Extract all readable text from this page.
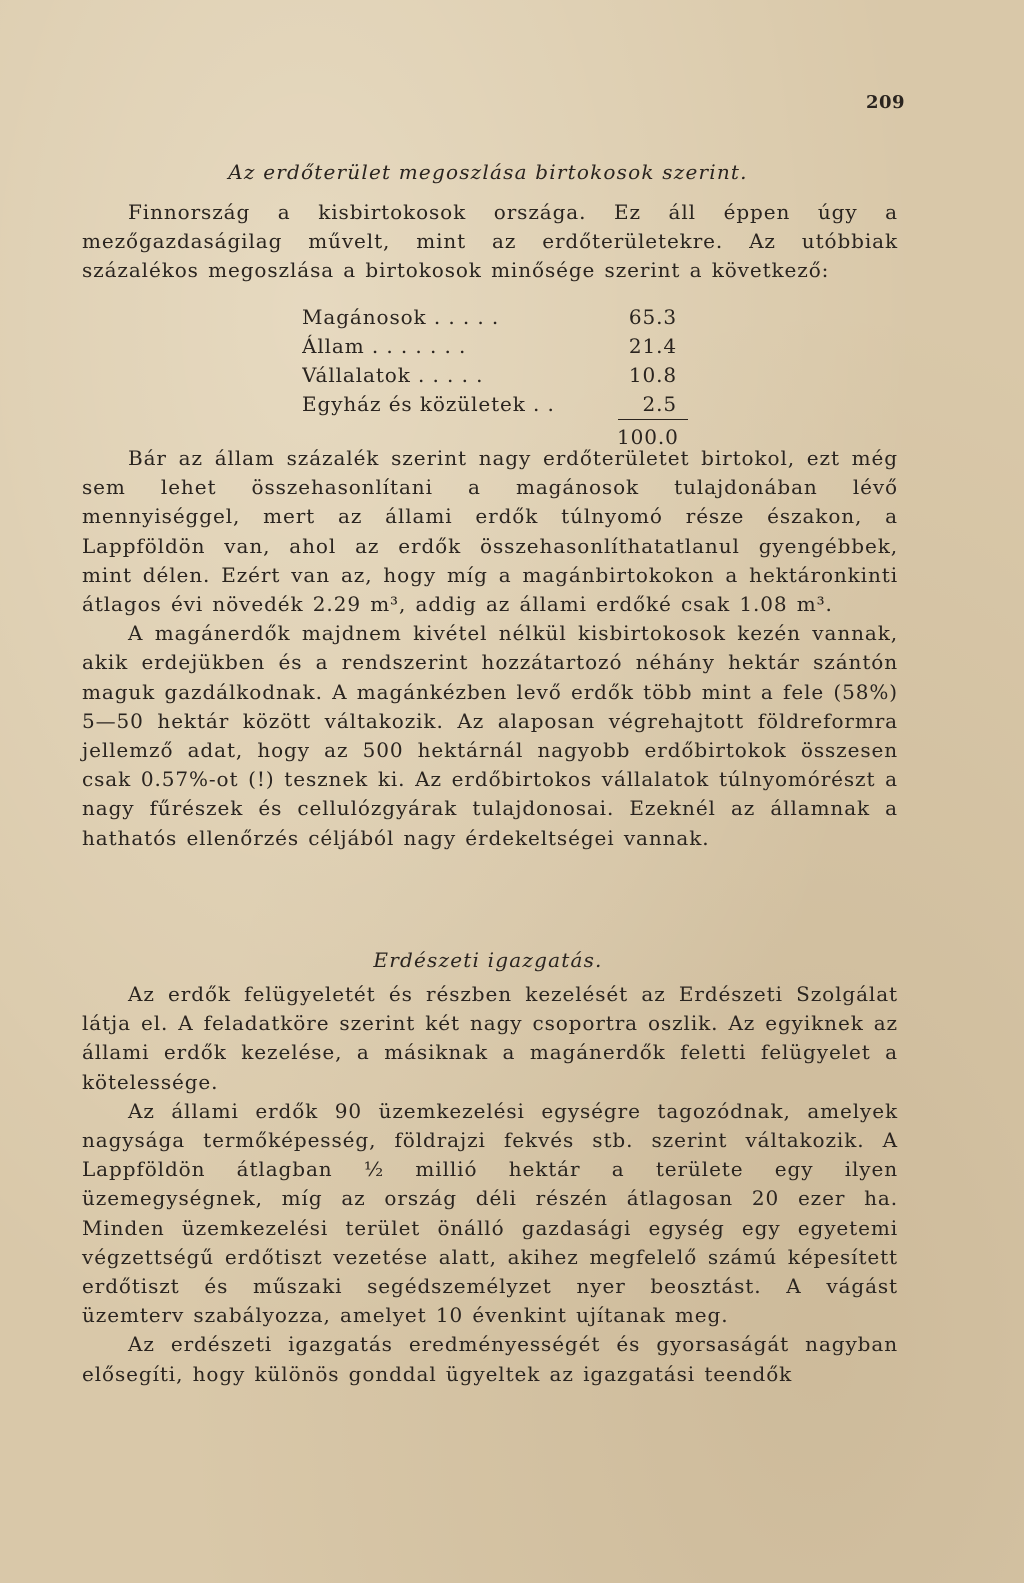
209
Az erdőterület megoszlása birtokosok szerint.

Finnország a kisbirtokosok országa. Ez áll éppen úgy a mezőgazdaságilag művelt, mint az erdőterületekre. Az utóbbiak százalékos megoszlása a birtokosok minősége szerint a következő:

Magánosok . . . . .	65.3
Állam . . . . . . .	21.4
Vállalatok . . . . .	10.8
Egyház és közületek . .	2.5
100.0

Bár az állam százalék szerint nagy erdőterületet birtokol, ezt még sem lehet összehasonlítani a magánosok tulajdonában lévő mennyiséggel, mert az állami erdők túlnyomó része északon, a Lappföldön van, ahol az erdők összehasonlíthatatlanul gyengébbek, mint délen. Ezért van az, hogy míg a magánbirtokokon a hektáronkinti átlagos évi növedék 2.29 m³, addig az állami erdőké csak 1.08 m³.

A magánerdők majdnem kivétel nélkül kisbirtokosok kezén vannak, akik erdejükben és a rendszerint hozzátartozó néhány hektár szántón maguk gazdálkodnak. A magánkézben levő erdők több mint a fele (58%) 5—50 hektár között váltakozik. Az alaposan végrehajtott földreformra jellemző adat, hogy az 500 hektárnál nagyobb erdőbirtokok összesen csak 0.57%-ot (!) tesznek ki. Az erdőbirtokos vállalatok túlnyomórészt a nagy fűrészek és cellulózgyárak tulajdonosai. Ezeknél az államnak a hathatós ellenőrzés céljából nagy érdekeltségei vannak.

Erdészeti igazgatás.

Az erdők felügyeletét és részben kezelését az Erdészeti Szolgálat látja el. A feladatköre szerint két nagy csoportra oszlik. Az egyiknek az állami erdők kezelése, a másiknak a magánerdők feletti felügyelet a kötelessége.

Az állami erdők 90 üzemkezelési egységre tagozódnak, amelyek nagysága termőképesség, földrajzi fekvés stb. szerint váltakozik. A Lappföldön átlagban ½ millió hektár a területe egy ilyen üzemegységnek, míg az ország déli részén átlagosan 20 ezer ha. Minden üzemkezelési terület önálló gazdasági egység egy egyetemi végzettségű erdőtiszt vezetése alatt, akihez megfelelő számú képesített erdőtiszt és műszaki segédszemélyzet nyer beosztást. A vágást üzemterv szabályozza, amelyet 10 évenkint ujítanak meg.

Az erdészeti igazgatás eredményességét és gyorsaságát nagyban elősegíti, hogy különös gonddal ügyeltek az igazgatási teendők
